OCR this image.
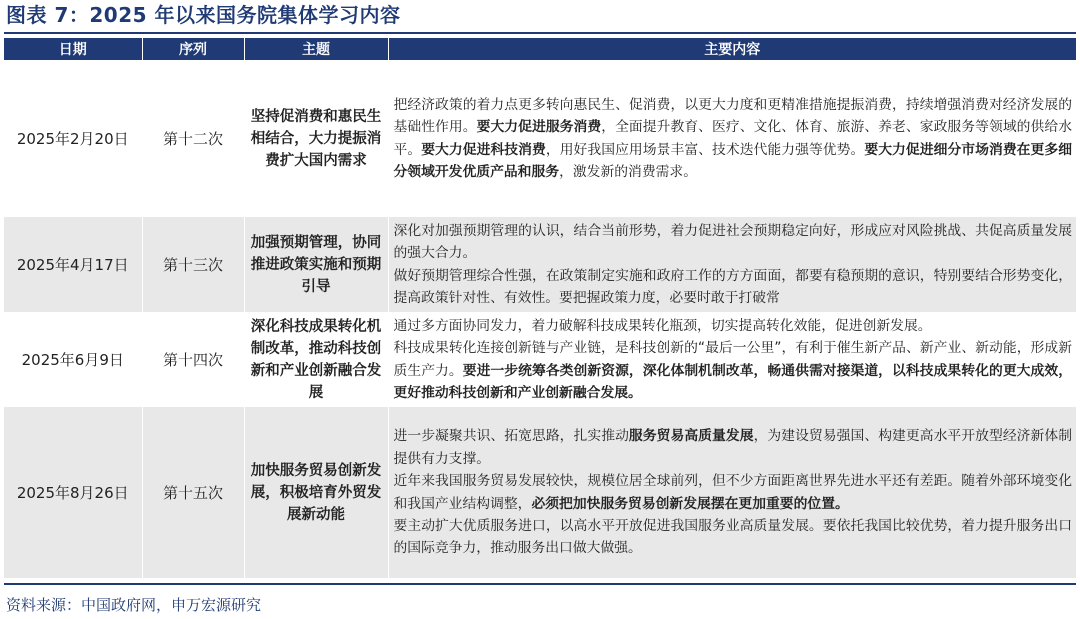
图表 7：2025 年以来国务院集体学习内容
日期	序列	主题	主要内容
2025年2月20日	第十二次	坚持促消费和惠民生相结合，大力提振消费扩大国内需求	把经济政策的着力点更多转向惠民生、促消费，以更大力度和更精准措施提振消费，持续增强消费对经济发展的基础性作用。要大力促进服务消费，全面提升教育、医疗、文化、体育、旅游、养老、家政服务等领域的供给水平。要大力促进科技消费，用好我国应用场景丰富、技术迭代能力强等优势。要大力促进细分市场消费在更多细分领域开发优质产品和服务，激发新的消费需求。

2025年4月17日	第十三次	加强预期管理，协同推进政策实施和预期引导	深化对加强预期管理的认识，结合当前形势，着力促进社会预期稳定向好，形成应对风险挑战、共促高质量发展的强大合力。

做好预期管理综合性强，在政策制定实施和政府工作的方方面面，都要有稳预期的意识，特别要结合形势变化，提高政策针对性、有效性。要把握政策力度，必要时敢于打破常

2025年6月9日	第十四次	深化科技成果转化机制改革，推动科技创新和产业创新融合发展	通过多方面协同发力，着力破解科技成果转化瓶颈，切实提高转化效能，促进创新发展。

科技成果转化连接创新链与产业链，是科技创新的“最后一公里”，有利于催生新产品、新产业、新动能，形成新质生产力。要进一步统筹各类创新资源，深化体制机制改革，畅通供需对接渠道，以科技成果转化的更大成效，更好推动科技创新和产业创新融合发展。

2025年8月26日	第十五次	加快服务贸易创新发展，积极培育外贸发展新动能	进一步凝聚共识、拓宽思路，扎实推动服务贸易高质量发展，为建设贸易强国、构建更高水平开放型经济新体制提供有力支撑。

近年来我国服务贸易发展较快，规模位居全球前列，但不少方面距离世界先进水平还有差距。随着外部环境变化和我国产业结构调整，必须把加快服务贸易创新发展摆在更加重要的位置。

要主动扩大优质服务进口，以高水平开放促进我国服务业高质量发展。要依托我国比较优势，着力提升服务出口的国际竞争力，推动服务出口做大做强。

资料来源：中国政府网，申万宏源研究
